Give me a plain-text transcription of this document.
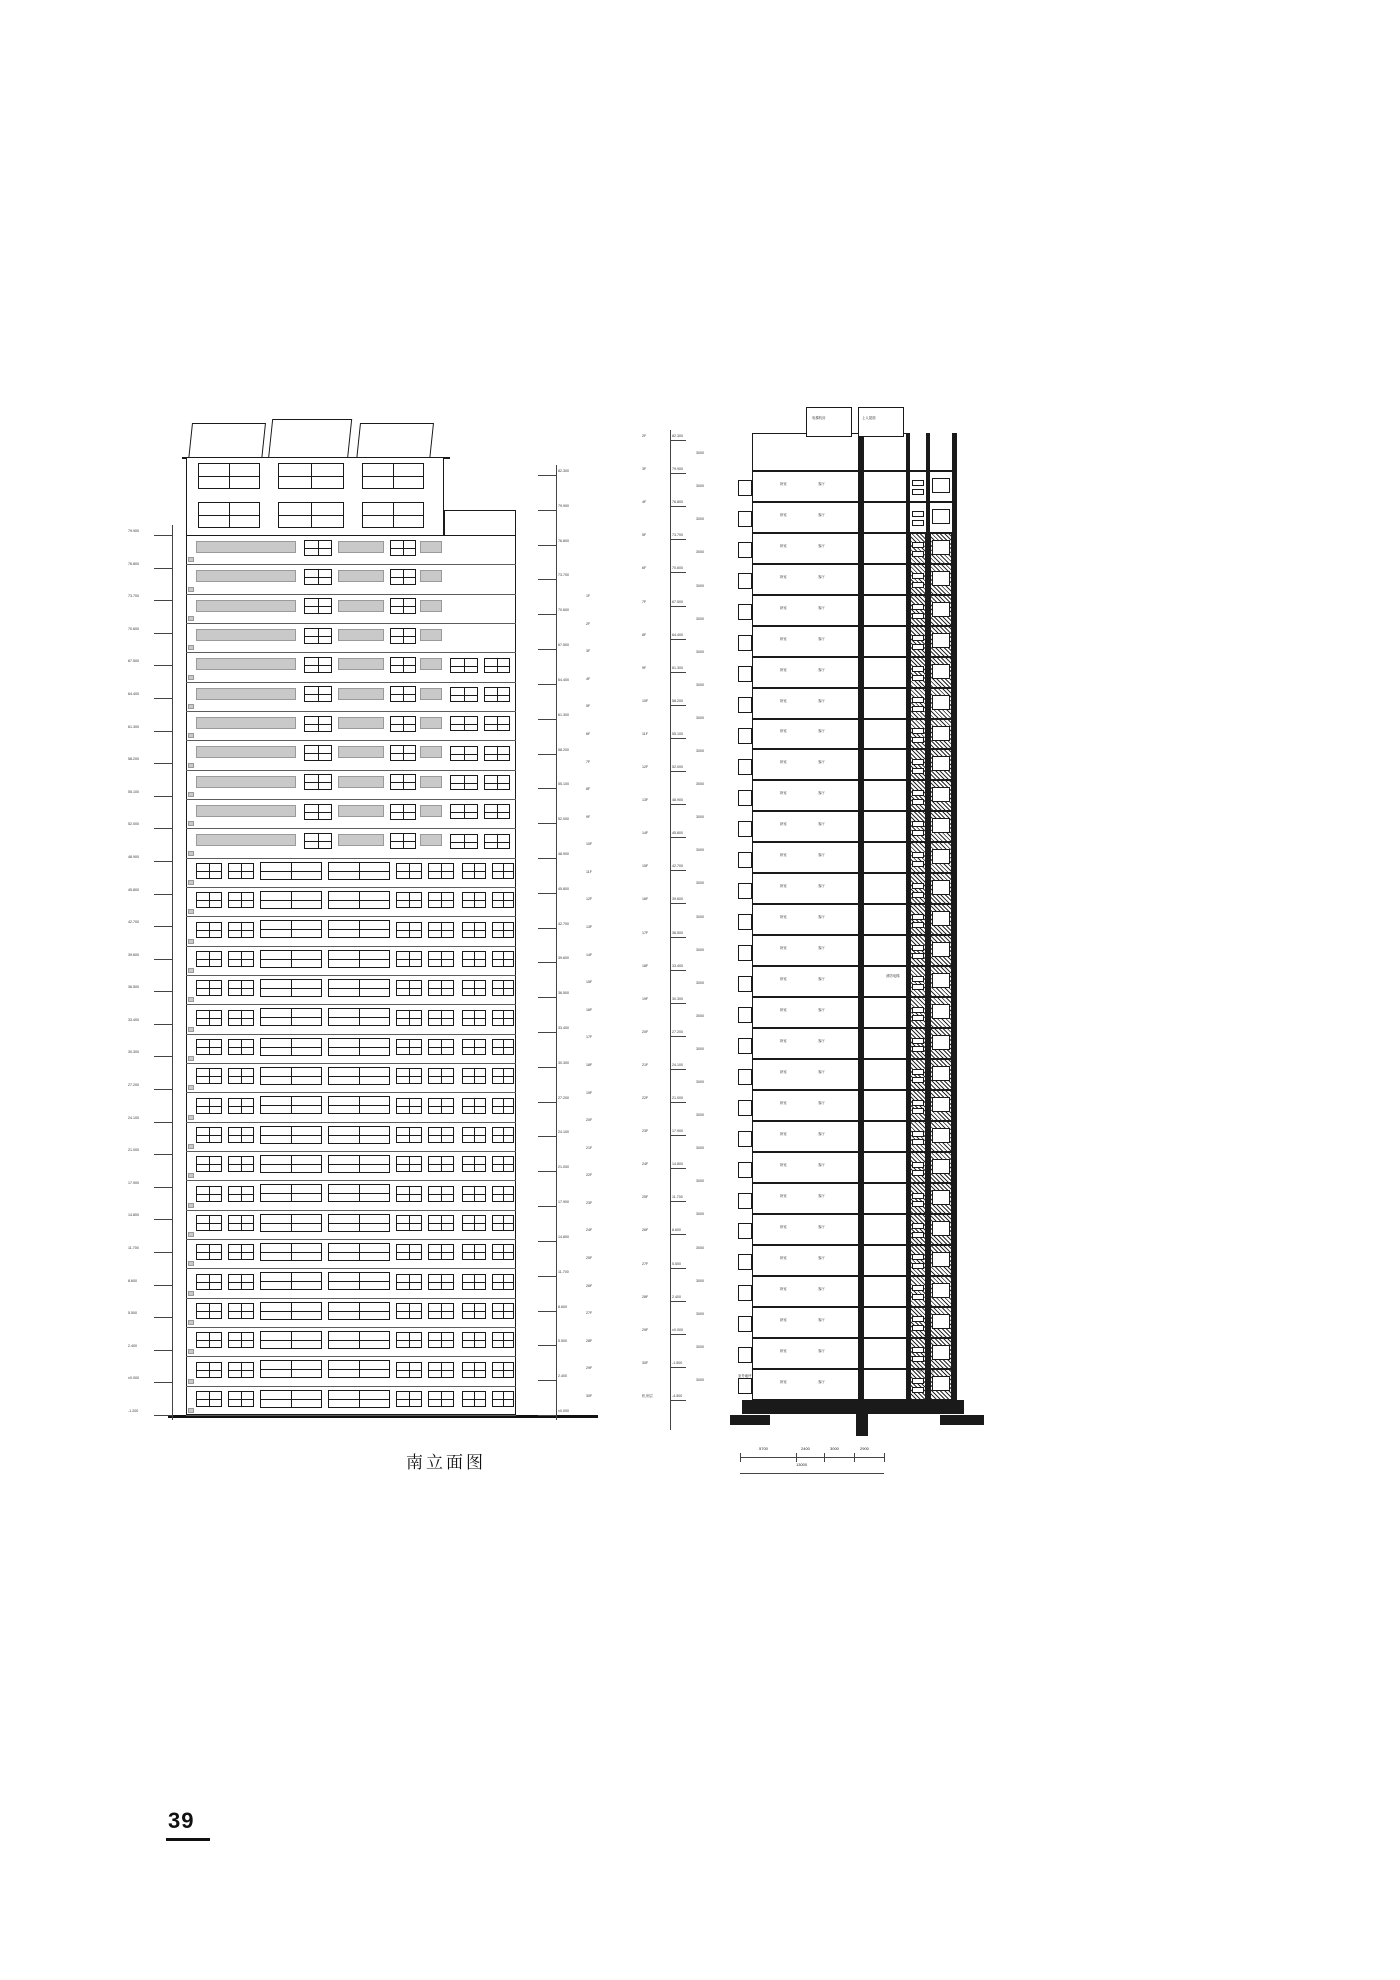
-1.200
±0.000
2.400
5.500
8.600
11.700
14.800
17.900
21.000
24.100
27.200
30.300
33.400
36.500
39.600
42.700
45.800
48.900
52.000
55.100
58.200
61.300
64.400
67.500
70.600
73.700
76.800
79.900
±0.000
2.400
5.500
8.600
11.700
14.800
17.900
21.000
24.100
27.200
30.300
33.400
36.500
39.600
42.700
45.800
48.900
52.000
55.100
58.200
61.300
64.400
67.500
70.600
73.700
76.800
79.900
82.300
30F
29F
28F
27F
26F
25F
24F
23F
22F
21F
20F
19F
18F
17F
16F
15F
14F
13F
12F
11F
10F
9F
8F
7F
6F
5F
4F
3F
2F
1F
南立面图
卧室	客厅
卧室	客厅
卧室	客厅
卧室	客厅
卧室	客厅
卧室	客厅
卧室	客厅
卧室	客厅
卧室	客厅
卧室	客厅
卧室	客厅
卧室	客厅
卧室	客厅
卧室	客厅
卧室	客厅
卧室	客厅
卧室	客厅
卧室	客厅
卧室	客厅
卧室	客厅
卧室	客厅
卧室	客厅
卧室	客厅
卧室	客厅
卧室	客厅
卧室	客厅
卧室	客厅
卧室	客厅
卧室	客厅
卧室	客厅
电梯机房	上人屋面
消防电梯
室外地坪
地下室顶板
-4.500
机房层
3000
-1.500
30F
3000
±0.000
29F
3000
2.400
28F
3000
5.500
27F
3000
8.600
26F
3000
11.700
25F
3000
14.800
24F
3000
17.900
23F
3000
21.000
22F
3000
24.100
21F
3000
27.200
20F
3000
30.300
19F
3000
33.400
18F
3000
36.500
17F
3000
39.600
16F
3000
42.700
15F
3000
45.800
14F
3000
48.900
13F
3000
52.000
12F
3000
55.100
11F
3000
58.200
10F
3000
61.300
9F
3000
64.400
8F
3000
67.500
7F
3000
70.600
6F
3000
73.700
5F
3000
76.800
4F
3000
79.900
3F
3000
82.300
2F
5700	2400	3000	2900
13000
39
